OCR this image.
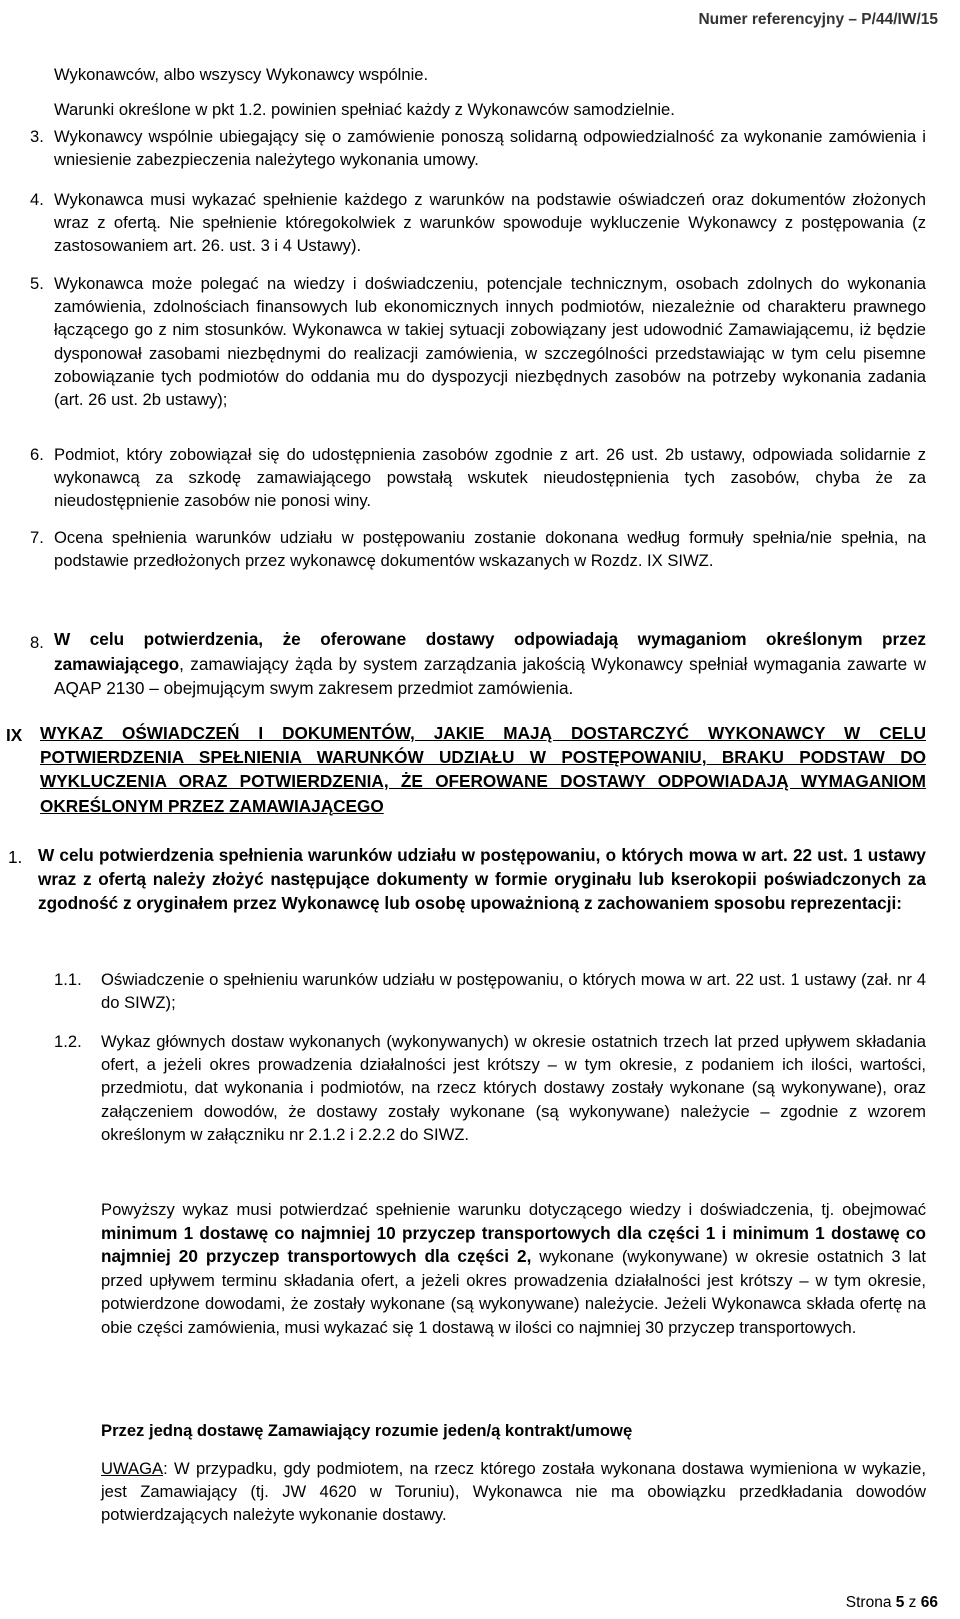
Numer referencyjny – P/44/IW/15

Wykonawców, albo wszyscy Wykonawcy wspólnie.

Warunki określone w pkt 1.2. powinien spełniać każdy z Wykonawców samodzielnie.

3. Wykonawcy wspólnie ubiegający się o zamówienie ponoszą solidarną odpowiedzialność za wykonanie zamówienia i wniesienie zabezpieczenia należytego wykonania umowy.

4. Wykonawca musi wykazać spełnienie każdego z warunków na podstawie oświadczeń oraz dokumentów złożonych wraz z ofertą. Nie spełnienie któregokolwiek z warunków spowoduje wykluczenie Wykonawcy z postępowania (z zastosowaniem art. 26. ust. 3 i 4 Ustawy).

5. Wykonawca może polegać na wiedzy i doświadczeniu, potencjale technicznym, osobach zdolnych do wykonania zamówienia, zdolnościach finansowych lub ekonomicznych innych podmiotów, niezależnie od charakteru prawnego łączącego go z nim stosunków. Wykonawca w takiej sytuacji zobowiązany jest udowodnić Zamawiającemu, iż będzie dysponował zasobami niezbędnymi do realizacji zamówienia, w szczególności przedstawiając w tym celu pisemne zobowiązanie tych podmiotów do oddania mu do dyspozycji niezbędnych zasobów na potrzeby wykonania zadania (art. 26 ust. 2b ustawy);

6. Podmiot, który zobowiązał się do udostępnienia zasobów zgodnie z art. 26 ust. 2b ustawy, odpowiada solidarnie z wykonawcą za szkodę zamawiającego powstałą wskutek nieudostępnienia tych zasobów, chyba że za nieudostępnienie zasobów nie ponosi winy.

7. Ocena spełnienia warunków udziału w postępowaniu zostanie dokonana według formuły spełnia/nie spełnia, na podstawie przedłożonych przez wykonawcę dokumentów wskazanych w Rozdz. IX SIWZ.

8. W celu potwierdzenia, że oferowane dostawy odpowiadają wymaganiom określonym przez zamawiającego, zamawiający żąda by system zarządzania jakością Wykonawcy spełniał wymagania zawarte w AQAP 2130 – obejmującym swym zakresem przedmiot zamówienia.

IX WYKAZ OŚWIADCZEŃ I DOKUMENTÓW, JAKIE MAJĄ DOSTARCZYĆ WYKONAWCY W CELU POTWIERDZENIA SPEŁNIENIA WARUNKÓW UDZIAŁU W POSTĘPOWANIU, BRAKU PODSTAW DO WYKLUCZENIA ORAZ POTWIERDZENIA, ŻE OFEROWANE DOSTAWY ODPOWIADAJĄ WYMAGANIOM OKREŚLONYM PRZEZ ZAMAWIAJĄCEGO

1. W celu potwierdzenia spełnienia warunków udziału w postępowaniu, o których mowa w art. 22 ust. 1 ustawy wraz z ofertą należy złożyć następujące dokumenty w formie oryginału lub kserokopii poświadczonych za zgodność z oryginałem przez Wykonawcę lub osobę upoważnioną z zachowaniem sposobu reprezentacji:

1.1. Oświadczenie o spełnieniu warunków udziału w postępowaniu, o których mowa w art. 22 ust. 1 ustawy (zał. nr 4 do SIWZ);

1.2. Wykaz głównych dostaw wykonanych (wykonywanych) w okresie ostatnich trzech lat przed upływem składania ofert, a jeżeli okres prowadzenia działalności jest krótszy – w tym okresie, z podaniem ich ilości, wartości, przedmiotu, dat wykonania i podmiotów, na rzecz których dostawy zostały wykonane (są wykonywane), oraz załączeniem dowodów, że dostawy zostały wykonane (są wykonywane) należycie – zgodnie z wzorem określonym w załączniku nr 2.1.2 i 2.2.2 do SIWZ.

Powyższy wykaz musi potwierdzać spełnienie warunku dotyczącego wiedzy i doświadczenia, tj. obejmować minimum 1 dostawę co najmniej 10 przyczep transportowych dla części 1 i minimum 1 dostawę co najmniej 20 przyczep transportowych dla części 2, wykonane (wykonywane) w okresie ostatnich 3 lat przed upływem terminu składania ofert, a jeżeli okres prowadzenia działalności jest krótszy – w tym okresie, potwierdzone dowodami, że zostały wykonane (są wykonywane) należycie. Jeżeli Wykonawca składa ofertę na obie części zamówienia, musi wykazać się 1 dostawą w ilości co najmniej 30 przyczep transportowych.

Przez jedną dostawę Zamawiający rozumie jeden/ą kontrakt/umowę

UWAGA: W przypadku, gdy podmiotem, na rzecz którego została wykonana dostawa wymieniona w wykazie, jest Zamawiający (tj. JW 4620 w Toruniu), Wykonawca nie ma obowiązku przedkładania dowodów potwierdzających należyte wykonanie dostawy.

Strona 5 z 66
